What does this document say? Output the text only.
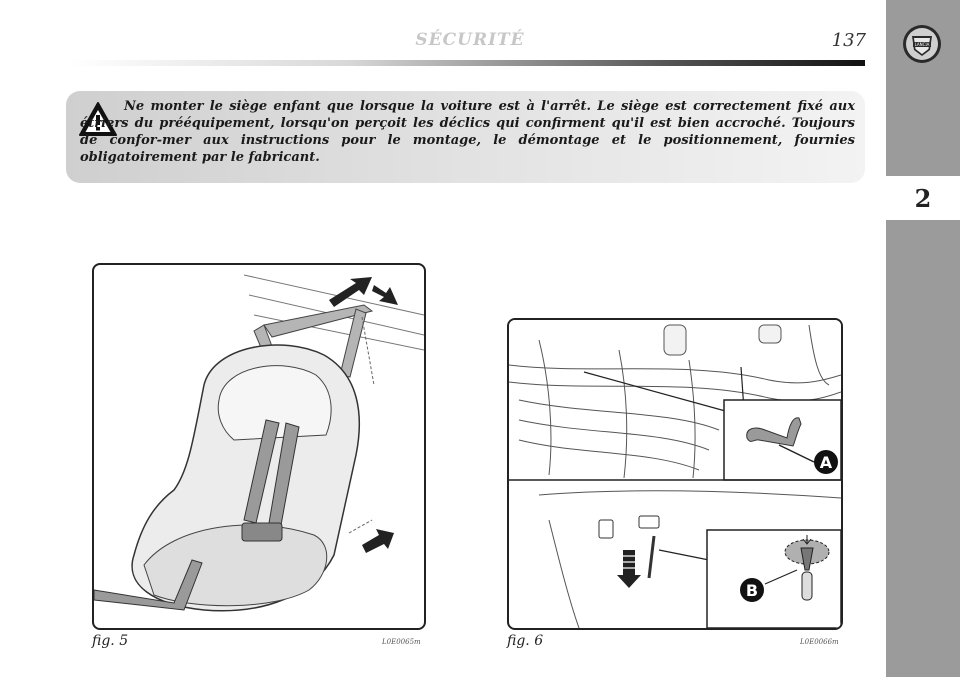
SÉCURITÉ	137	LANCIA
2

Ne monter le siège enfant que lorsque la voiture est à l'arrêt. Le siège est correctement fixé aux étriers du prééquipement, lorsqu'on perçoit les déclics qui confirment qu'il est bien accroché. Toujours de confor-mer aux instructions pour le montage, le démontage et le positionnement, fournies obligatoirement par le fabricant.

fig. 5	L0E0065m
A
B
fig. 6	L0E0066m
